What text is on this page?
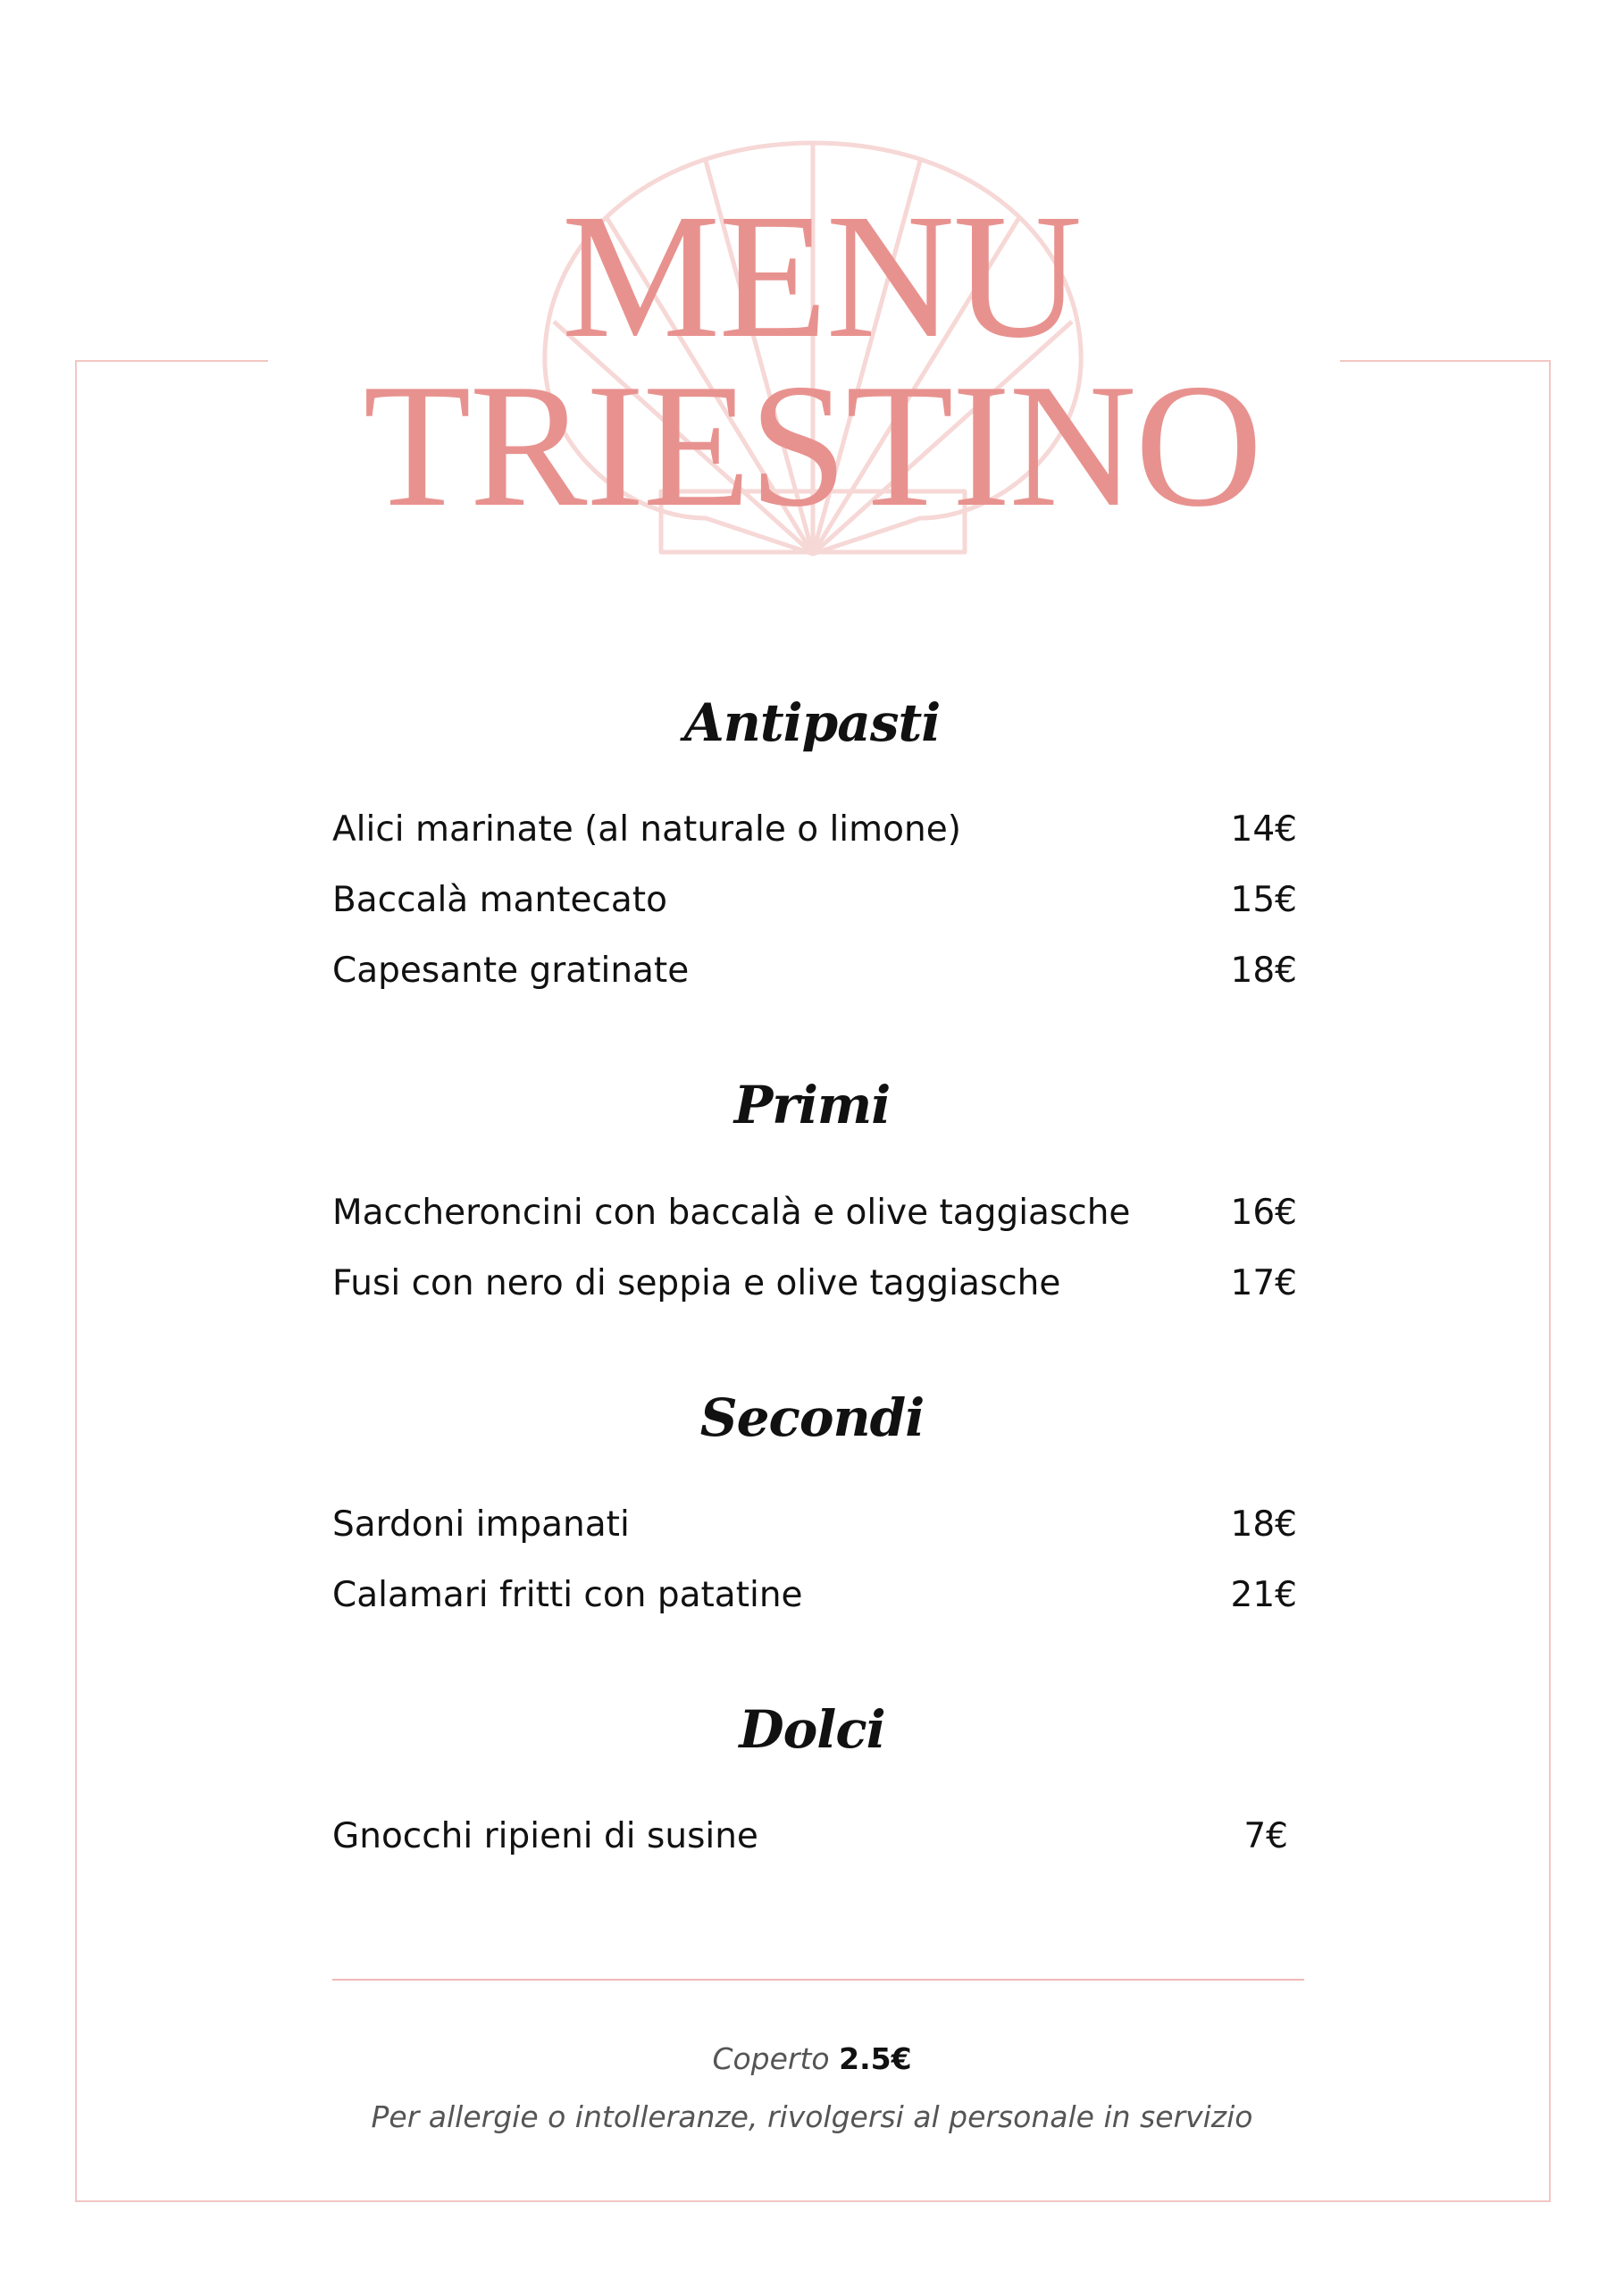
MENU
TRIESTINO
Antipasti
Alici marinate (al naturale o limone)	14€
Baccalà mantecato	15€
Capesante gratinate	18€
Primi
Maccheroncini con baccalà e olive taggiasche	16€
Fusi con nero di seppia e olive taggiasche	17€
Secondi
Sardoni impanati	18€
Calamari fritti con patatine	21€
Dolci
Gnocchi ripieni di susine	7€
Coperto 2.5€
Per allergie o intolleranze, rivolgersi al personale in servizio
